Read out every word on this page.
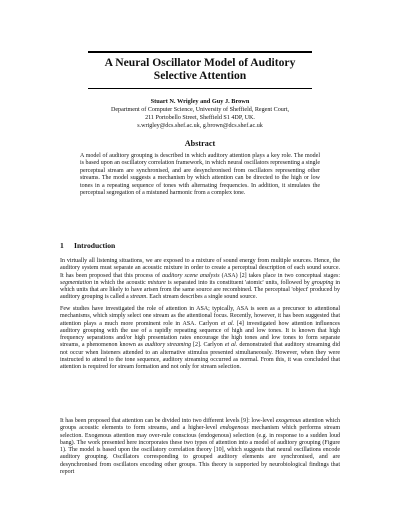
A Neural Oscillator Model of Auditory
Selective Attention
Stuart N. Wrigley and Guy J. Brown
Department of Computer Science, University of Sheffield, Regent Court,
211 Portobello Street, Sheffield S1 4DP, UK.
s.wrigley@dcs.shef.ac.uk, g.brown@dcs.shef.ac.uk
Abstract
A model of auditory grouping is described in which auditory attention plays a key role. The model is based upon an oscillatory correlation framework, in which neural oscillators representing a single perceptual stream are synchronised, and are desynchronised from oscillators representing other streams. The model suggests a mechanism by which attention can be directed to the high or low tones in a repeating sequence of tones with alternating frequencies. In addition, it simulates the perceptual segregation of a mistuned harmonic from a complex tone.
1 Introduction
In virtually all listening situations, we are exposed to a mixture of sound energy from multiple sources. Hence, the auditory system must separate an acoustic mixture in order to create a perceptual description of each sound source. It has been proposed that this process of auditory scene analysis (ASA) [2] takes place in two conceptual stages: segmentation in which the acoustic mixture is separated into its constituent 'atomic' units, followed by grouping in which units that are likely to have arisen from the same source are recombined. The perceptual 'object' produced by auditory grouping is called a stream. Each stream describes a single sound source.
Few studies have investigated the role of attention in ASA; typically, ASA is seen as a precursor to attentional mechanisms, which simply select one stream as the attentional focus. Recently, however, it has been suggested that attention plays a much more prominent role in ASA. Carlyon et al. [4] investigated how attention influences auditory grouping with the use of a rapidly repeating sequence of high and low tones. It is known that high frequency separations and/or high presentation rates encourage the high tones and low tones to form separate streams, a phenomenon known as auditory streaming [2]. Carlyon et al. demonstrated that auditory streaming did not occur when listeners attended to an alternative stimulus presented simultaneously. However, when they were instructed to attend to the tone sequence, auditory streaming occurred as normal. From this, it was concluded that attention is required for stream formation and not only for stream selection.
It has been proposed that attention can be divided into two different levels [9]: low-level exogenous attention which groups acoustic elements to form streams, and a higher-level endogenous mechanism which performs stream selection. Exogenous attention may over-rule conscious (endogenous) selection (e.g. in response to a sudden loud bang). The work presented here incorporates these two types of attention into a model of auditory grouping (Figure 1). The model is based upon the oscillatory correlation theory [10], which suggests that neural oscillations encode auditory grouping. Oscillators corresponding to grouped auditory elements are synchronised, and are desynchronised from oscillators encoding other groups. This theory is supported by neurobiological findings that report
